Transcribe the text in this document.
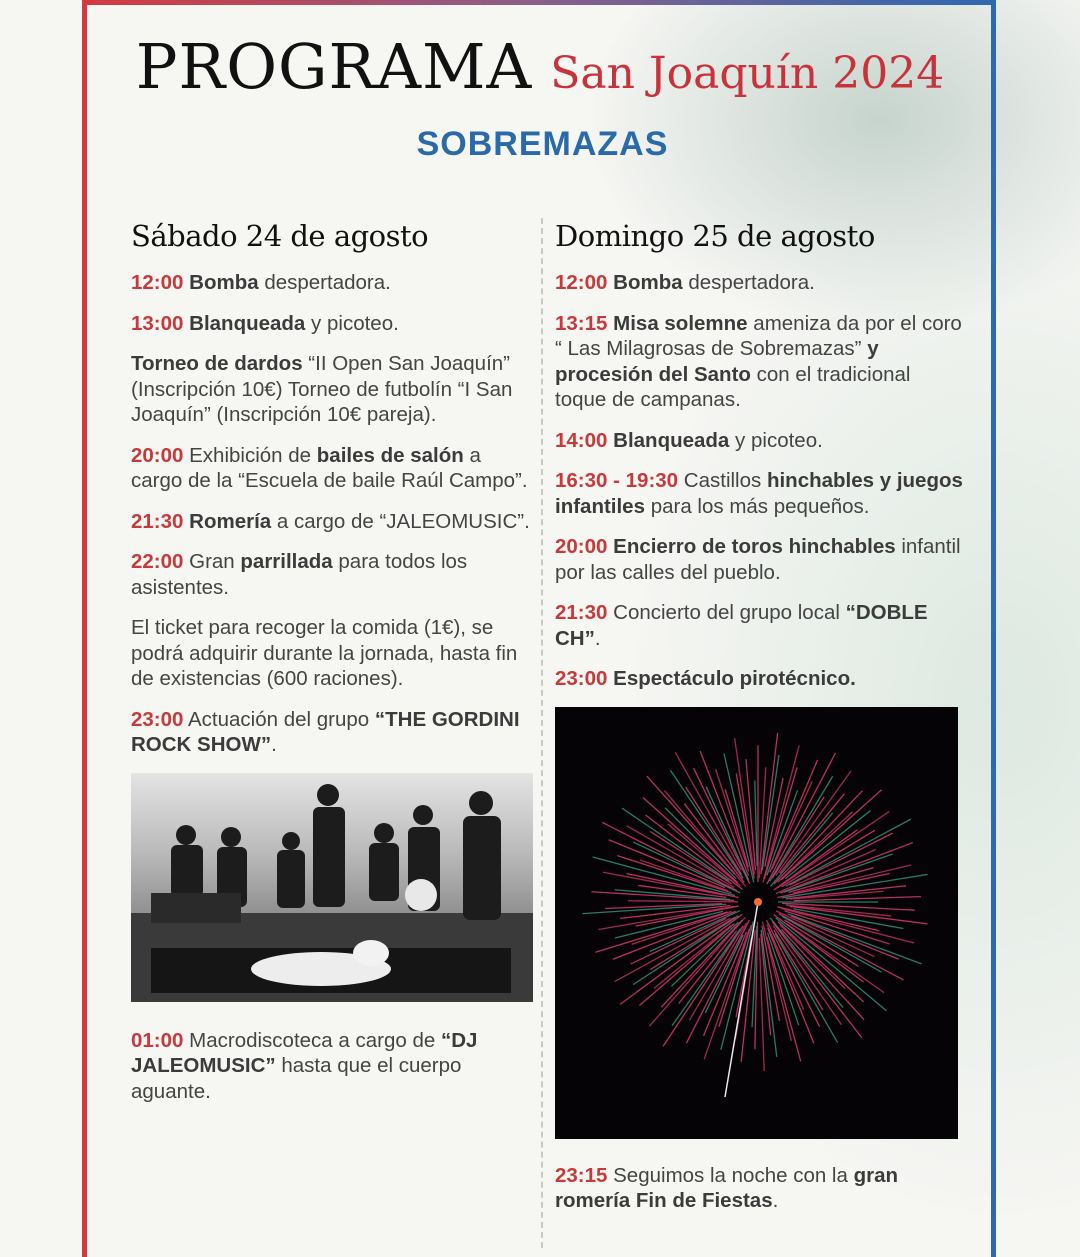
PROGRAMA San Joaquín 2024
SOBREMAZAS
Sábado 24 de agosto
12:00 Bomba despertadora.
13:00 Blanqueada y picoteo.
Torneo de dardos “II Open San Joaquín” (Inscripción 10€) Torneo de futbolín “I San Joaquín” (Inscripción 10€ pareja).
20:00 Exhibición de bailes de salón a cargo de la “Escuela de baile Raúl Campo”.
21:30 Romería a cargo de “JALEOMUSIC”.
22:00 Gran parrillada para todos los asistentes.
El ticket para recoger la comida (1€), se podrá adquirir durante la jornada, hasta fin de existencias (600 raciones).
23:00 Actuación del grupo “THE GORDINI ROCK SHOW”.
01:00 Macrodiscoteca a cargo de “DJ JALEOMUSIC” hasta que el cuerpo aguante.
Domingo 25 de agosto
12:00 Bomba despertadora.
13:15 Misa solemne ameniza da por el coro “ Las Milagrosas de Sobremazas” y procesión del Santo con el tradicional toque de campanas.
14:00 Blanqueada y picoteo.
16:30 - 19:30 Castillos hinchables y juegos infantiles para los más pequeños.
20:00 Encierro de toros hinchables infantil por las calles del pueblo.
21:30 Concierto del grupo local “DOBLE CH”.
23:00 Espectáculo pirotécnico.
23:15 Seguimos la noche con la gran romería Fin de Fiestas.
